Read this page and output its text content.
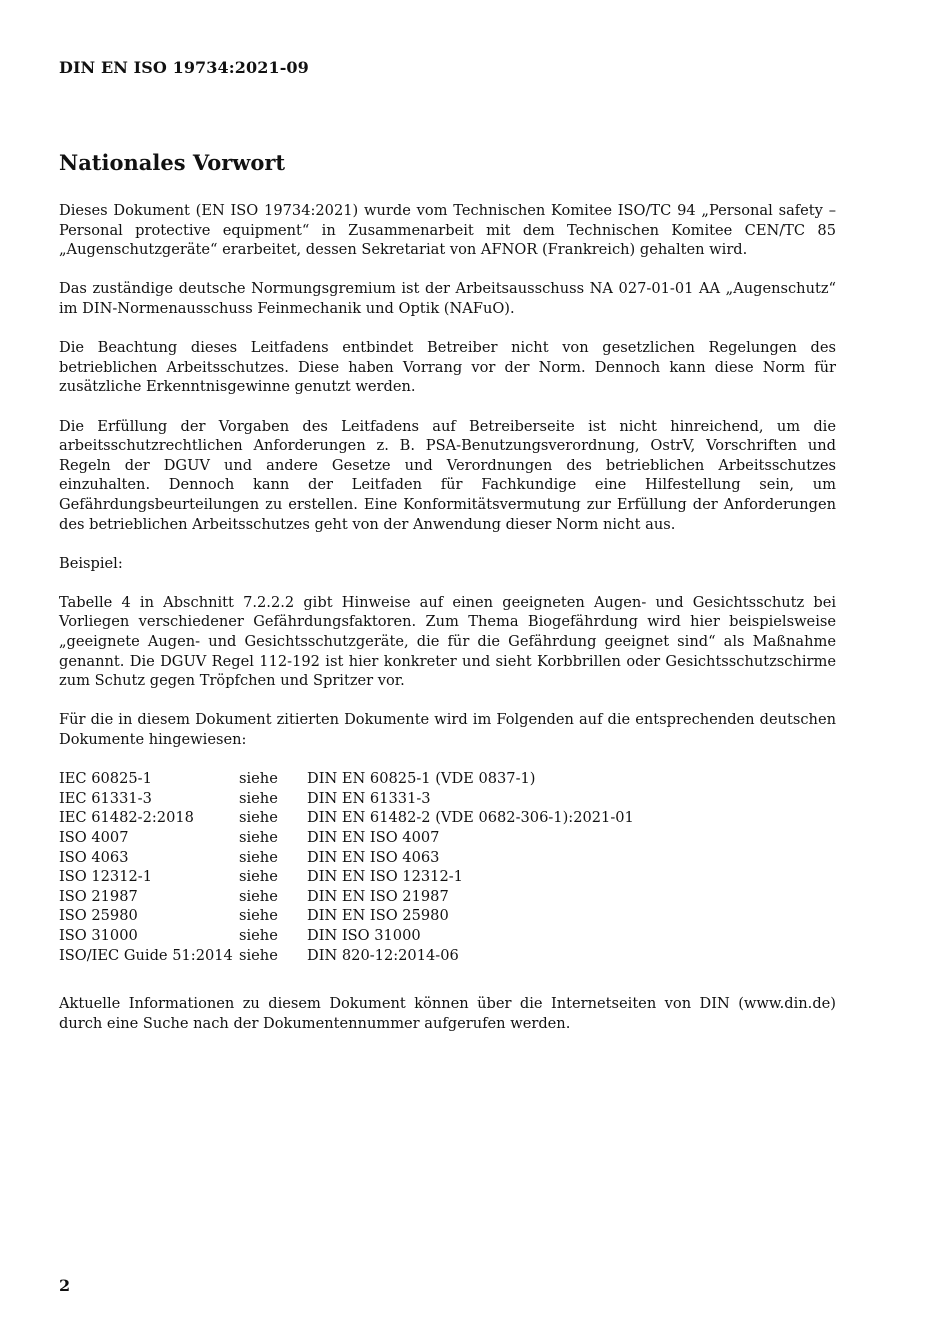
DIN EN ISO 19734:2021-09
Nationales Vorwort

Dieses Dokument (EN ISO 19734:2021) wurde vom Technischen Komitee ISO/TC 94 „Personal safety – Personal protective equipment“ in Zusammenarbeit mit dem Technischen Komitee CEN/TC 85 „Augenschutzgeräte“ erarbeitet, dessen Sekretariat von AFNOR (Frankreich) gehalten wird.

Das zuständige deutsche Normungsgremium ist der Arbeitsausschuss NA 027-01-01 AA „Augenschutz“ im DIN-Normenausschuss Feinmechanik und Optik (NAFuO).

Die Beachtung dieses Leitfadens entbindet Betreiber nicht von gesetzlichen Regelungen des betrieblichen Arbeitsschutzes. Diese haben Vorrang vor der Norm. Dennoch kann diese Norm für zusätzliche Erkenntnisgewinne genutzt werden.

Die Erfüllung der Vorgaben des Leitfadens auf Betreiberseite ist nicht hinreichend, um die arbeitsschutzrechtlichen Anforderungen z. B. PSA-Benutzungsverordnung, OstrV, Vorschriften und Regeln der DGUV und andere Gesetze und Verordnungen des betrieblichen Arbeitsschutzes einzuhalten. Dennoch kann der Leitfaden für Fachkundige eine Hilfestellung sein, um Gefährdungsbeurteilungen zu erstellen. Eine Konformitätsvermutung zur Erfüllung der Anforderungen des betrieblichen Arbeitsschutzes geht von der Anwendung dieser Norm nicht aus.

Beispiel:

Tabelle 4 in Abschnitt 7.2.2.2 gibt Hinweise auf einen geeigneten Augen- und Gesichtsschutz bei Vorliegen verschiedener Gefährdungsfaktoren. Zum Thema Biogefährdung wird hier beispielsweise „geeignete Augen- und Gesichtsschutzgeräte, die für die Gefährdung geeignet sind“ als Maßnahme genannt. Die DGUV Regel 112-192 ist hier konkreter und sieht Korbbrillen oder Gesichtsschutzschirme zum Schutz gegen Tröpfchen und Spritzer vor.

Für die in diesem Dokument zitierten Dokumente wird im Folgenden auf die entsprechenden deutschen Dokumente hingewiesen:

IEC 60825-1	siehe	DIN EN 60825-1 (VDE 0837-1)
IEC 61331-3	siehe	DIN EN 61331-3
IEC 61482-2:2018	siehe	DIN EN 61482-2 (VDE 0682-306-1):2021-01
ISO 4007	siehe	DIN EN ISO 4007
ISO 4063	siehe	DIN EN ISO 4063
ISO 12312-1	siehe	DIN EN ISO 12312-1
ISO 21987	siehe	DIN EN ISO 21987
ISO 25980	siehe	DIN EN ISO 25980
ISO 31000	siehe	DIN ISO 31000
ISO/IEC Guide 51:2014	siehe	DIN 820-12:2014-06

Aktuelle Informationen zu diesem Dokument können über die Internetseiten von DIN (www.din.de) durch eine Suche nach der Dokumentennummer aufgerufen werden.

2
